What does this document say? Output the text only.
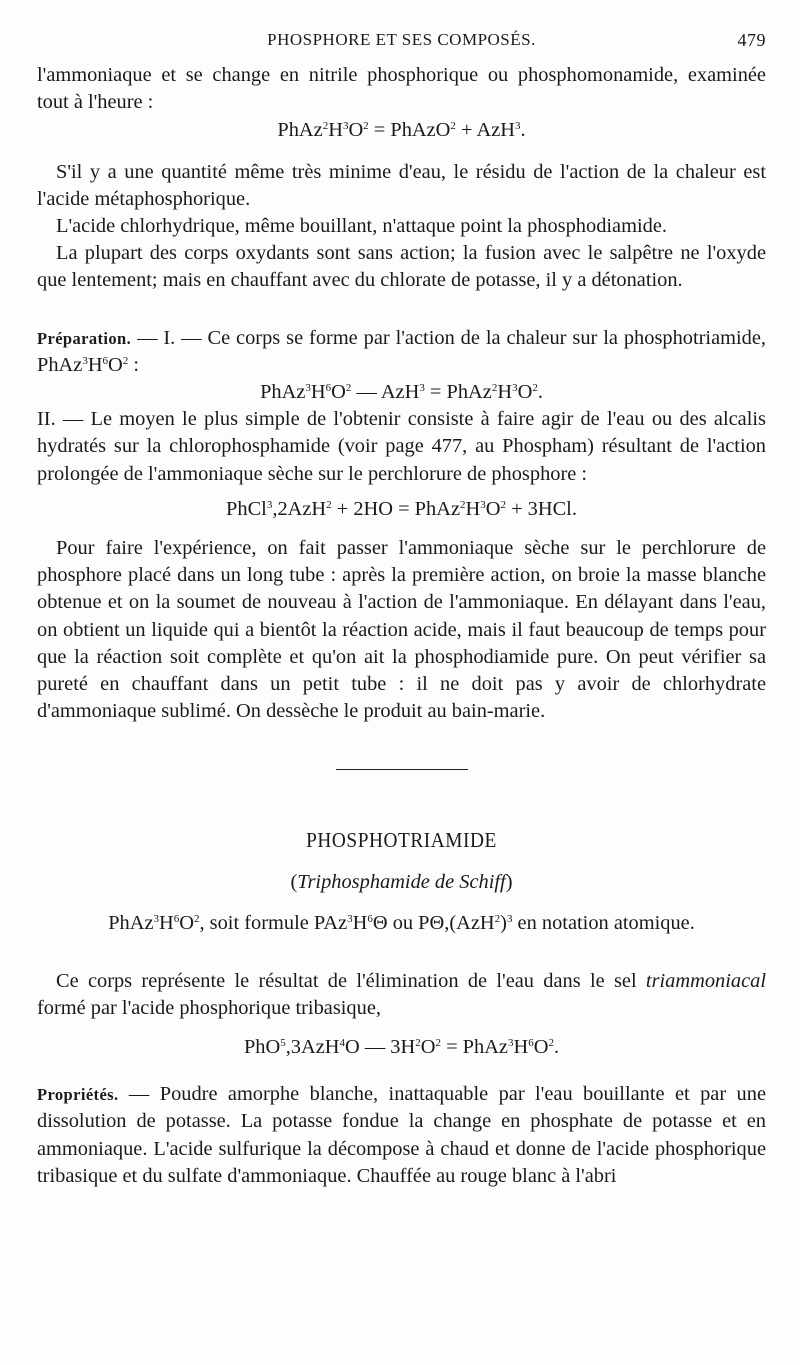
PHOSPHORE ET SES COMPOSÉS.	479
l'ammoniaque et se change en nitrile phosphorique ou phosphomonamide, examinée
tout à l'heure :
$PhAz^2H^3O^2$ = PhAzO$^2$ + AzH$^3$.

S'il y a une quantité même très minime d'eau, le résidu de l'action de la chaleur est l'acide métaphosphorique.

L'acide chlorhydrique, même bouillant, n'attaque point la phosphodiamide.

La plupart des corps oxydants sont sans action; la fusion avec le salpêtre ne l'oxyde que lentement; mais en chauffant avec du chlorate de potasse, il y a détonation.

Préparation. — I. — Ce corps se forme par l'action de la chaleur sur la phosphotriamide, $PhAz^3H^6O^2$ :

$PhAz^3H^6O^2$ — $AzH^3 = PhAz^2H^3O^2$.

II. — Le moyen le plus simple de l'obtenir consiste à faire agir de l'eau ou des alcalis hydratés sur la chlorophosphamide (voir page 477, au Phospham) résultant de l'action prolongée de l'ammoniaque sèche sur le perchlorure de phosphore :

PhCl$^3$,2AzH$^2$ + $2HO = PhAz^2H^3O^2 + 3HCl$.

Pour faire l'expérience, on fait passer l'ammoniaque sèche sur le perchlorure de phosphore placé dans un long tube : après la première action, on broie la masse blanche obtenue et on la soumet de nouveau à l'action de l'ammoniaque. En délayant dans l'eau, on obtient un liquide qui a bientôt la réaction acide, mais il faut beaucoup de temps pour que la réaction soit complète et qu'on ait la phosphodiamide pure. On peut vérifier sa pureté en chauffant dans un petit tube : il ne doit pas y avoir de chlorhydrate d'ammoniaque sublimé. On dessèche le produit au bain-marie.

PHOSPHOTRIAMIDE
(Triphosphamide de Schiff)
$PhAz^3H^6O^2$, soit formule $PAz^3H^6\Theta$ ou $P\Theta,(AzH^2)^3$ en notation atomique.

Ce corps représente le résultat de l'élimination de l'eau dans le sel triammoniacal formé par l'acide phosphorique tribasique,

PhO$^5$,3AzH$^4$O — $3H^2O^2$ = $PhAz^3H^6O^2$.

Propriétés. — Poudre amorphe blanche, inattaquable par l'eau bouillante et par une dissolution de potasse. La potasse fondue la change en phosphate de potasse et en ammoniaque. L'acide sulfurique la décompose à chaud et donne de l'acide phosphorique tribasique et du sulfate d'ammoniaque. Chauffée au rouge blanc à l'abri
